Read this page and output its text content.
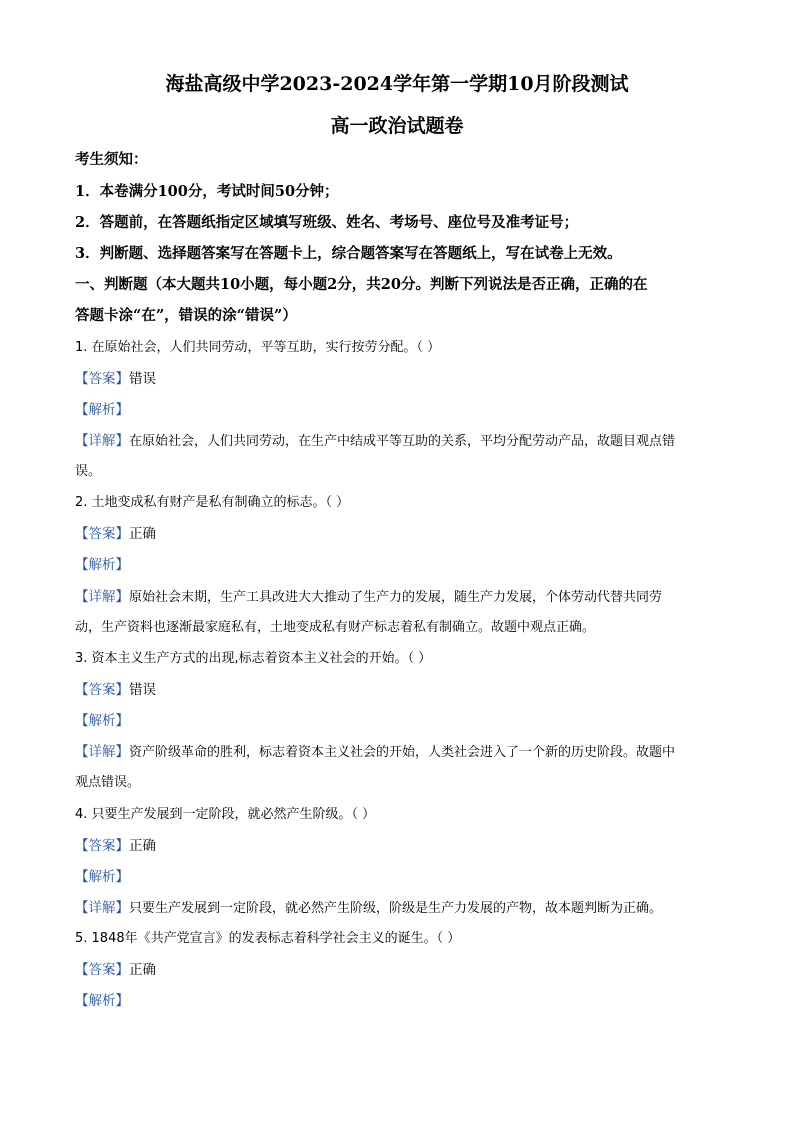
海盐高级中学2023-2024学年第一学期10月阶段测试
高一政治试题卷
考生须知：
1．本卷满分100分，考试时间50分钟；
2．答题前，在答题纸指定区域填写班级、姓名、考场号、座位号及准考证号；
3．判断题、选择题答案写在答题卡上，综合题答案写在答题纸上，写在试卷上无效。
一、判断题（本大题共10小题，每小题2分，共20分。判断下列说法是否正确，正确的在
答题卡涂“在”，错误的涂“错误”）
1. 在原始社会，人们共同劳动，平等互助，实行按劳分配。（ ）
【答案】错误
【解析】
【详解】在原始社会，人们共同劳动，在生产中结成平等互助的关系，平均分配劳动产品，故题目观点错
误。
2. 土地变成私有财产是私有制确立的标志。（ ）
【答案】正确
【解析】
【详解】原始社会末期，生产工具改进大大推动了生产力的发展，随生产力发展，个体劳动代替共同劳
动，生产资料也逐渐最家庭私有，土地变成私有财产标志着私有制确立。故题中观点正确。
3. 资本主义生产方式的出现,标志着资本主义社会的开始。（ ）
【答案】错误
【解析】
【详解】资产阶级革命的胜利，标志着资本主义社会的开始，人类社会进入了一个新的历史阶段。故题中
观点错误。
4. 只要生产发展到一定阶段，就必然产生阶级。（ ）
【答案】正确
【解析】
【详解】只要生产发展到一定阶段，就必然产生阶级，阶级是生产力发展的产物，故本题判断为正确。
5. 1848年《共产党宣言》的发表标志着科学社会主义的诞生。（ ）
【答案】正确
【解析】
